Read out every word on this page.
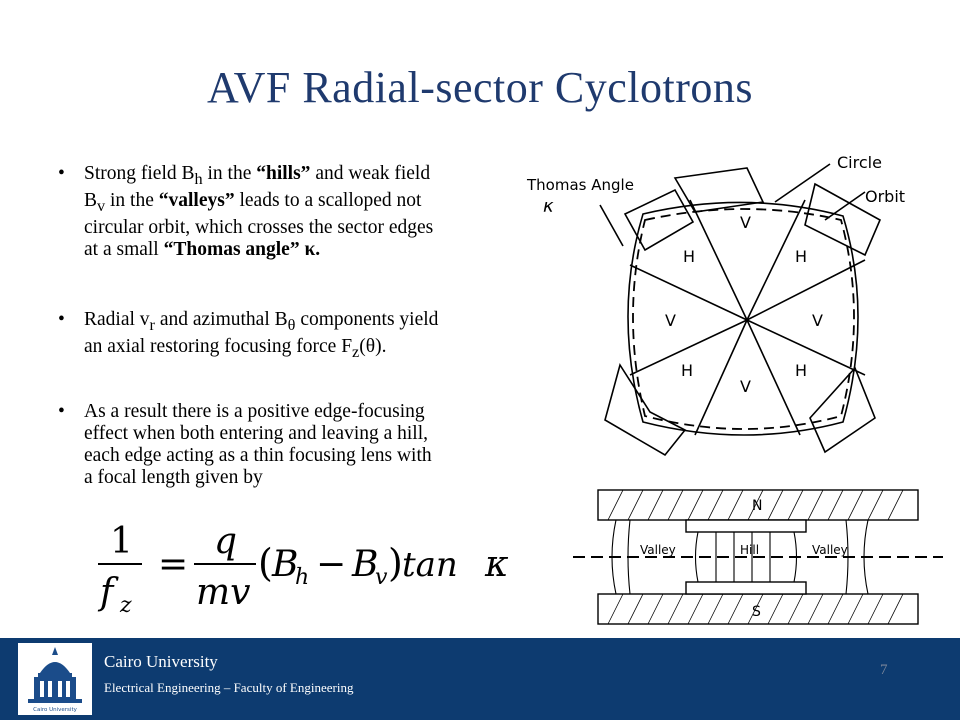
AVF Radial-sector Cyclotrons
• Strong field $B_h$ in the “hills” and weak field
$B_v$ in the “valleys” leads to a scalloped not
circular orbit, which crosses the sector edges
at a small “Thomas angle” κ.
• Radial $v_r$ and azimuthal $B_\theta$ components yield
an axial restoring focusing force $F_z(\theta)$.
• As a result there is a positive edge-focusing
effect when both entering and leaving a hill,
each edge acting as a thin focusing lens with
a focal length given by
1
f z
=
q
mv
( B
h − B
v ) tan κ
Circle
Orbit
Thomas Angle
κ
H
V
H
V	V
H
V
H
N
S
Valley	Hill	Valley
Cairo University
Cairo University
Electrical Engineering – Faculty of Engineering
7
